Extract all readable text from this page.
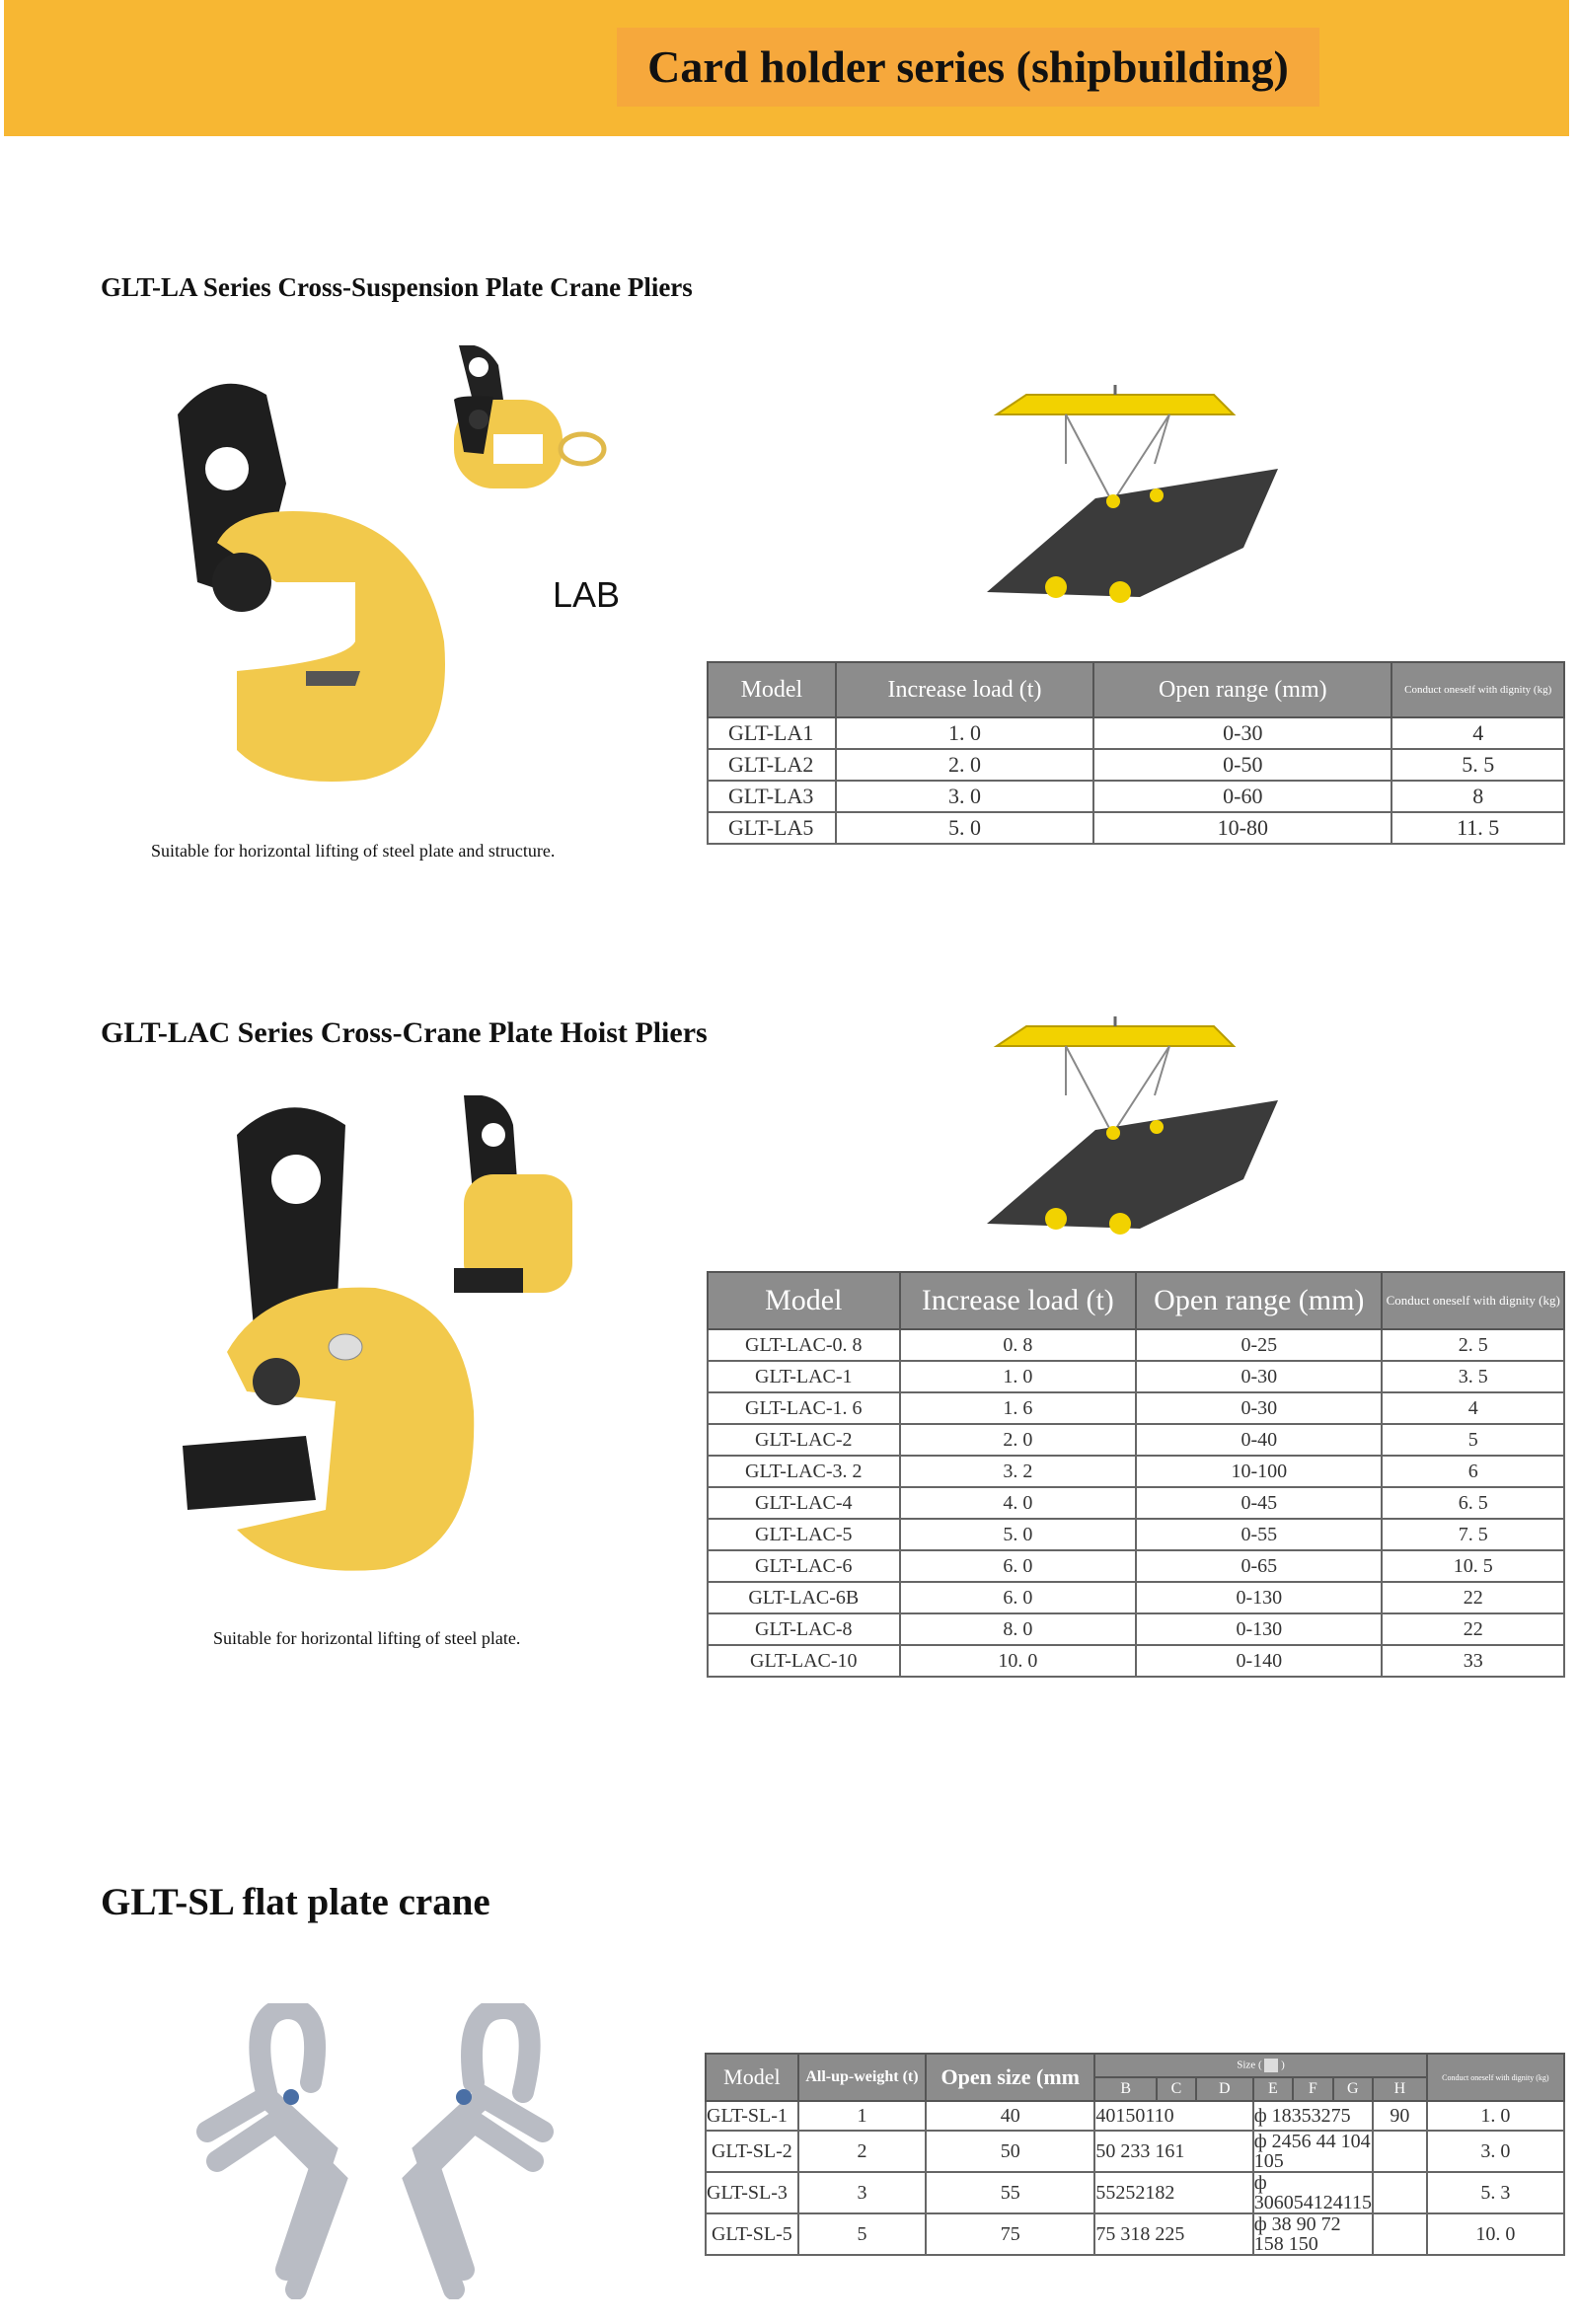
Card holder series (shipbuilding)
GLT-LA Series Cross-Suspension Plate Crane Pliers
LAB
Model	Increase load (t)	Open range (mm)	Conduct oneself with dignity (kg)
GLT-LA1	1. 0	0-30	4
GLT-LA2	2. 0	0-50	5. 5
GLT-LA3	3. 0	0-60	8
GLT-LA5	5. 0	10-80	11. 5
Suitable for horizontal lifting of steel plate and structure.
GLT-LAC Series Cross-Crane Plate Hoist Pliers
Model	Increase load (t)	Open range (mm)	Conduct oneself with dignity (kg)
GLT-LAC-0. 8	0. 8	0-25	2. 5
GLT-LAC-1	1. 0	0-30	3. 5
GLT-LAC-1. 6	1. 6	0-30	4
GLT-LAC-2	2. 0	0-40	5
GLT-LAC-3. 2	3. 2	10-100	6
GLT-LAC-4	4. 0	0-45	6. 5
GLT-LAC-5	5. 0	0-55	7. 5
GLT-LAC-6	6. 0	0-65	10. 5
GLT-LAC-6B	6. 0	0-130	22
GLT-LAC-8	8. 0	0-130	22
GLT-LAC-10	10. 0	0-140	33
Suitable for horizontal lifting of steel plate.
GLT-SL flat plate crane
Model	All-up-weight (t)	Open size (mm	Size ( )							Conduct oneself with dignity (kg)
			B	C	D	E	F	G	H	
GLT-SL-1	1	40	40150110			ф 18353275			90	1. 0
GLT-SL-2	2	50	50 233 161			ф 2456 44 104 105				3. 0
GLT-SL-3	3	55	55252182			ф 306054124115				5. 3
GLT-SL-5	5	75	75 318 225			ф 38 90 72 158 150				10. 0
